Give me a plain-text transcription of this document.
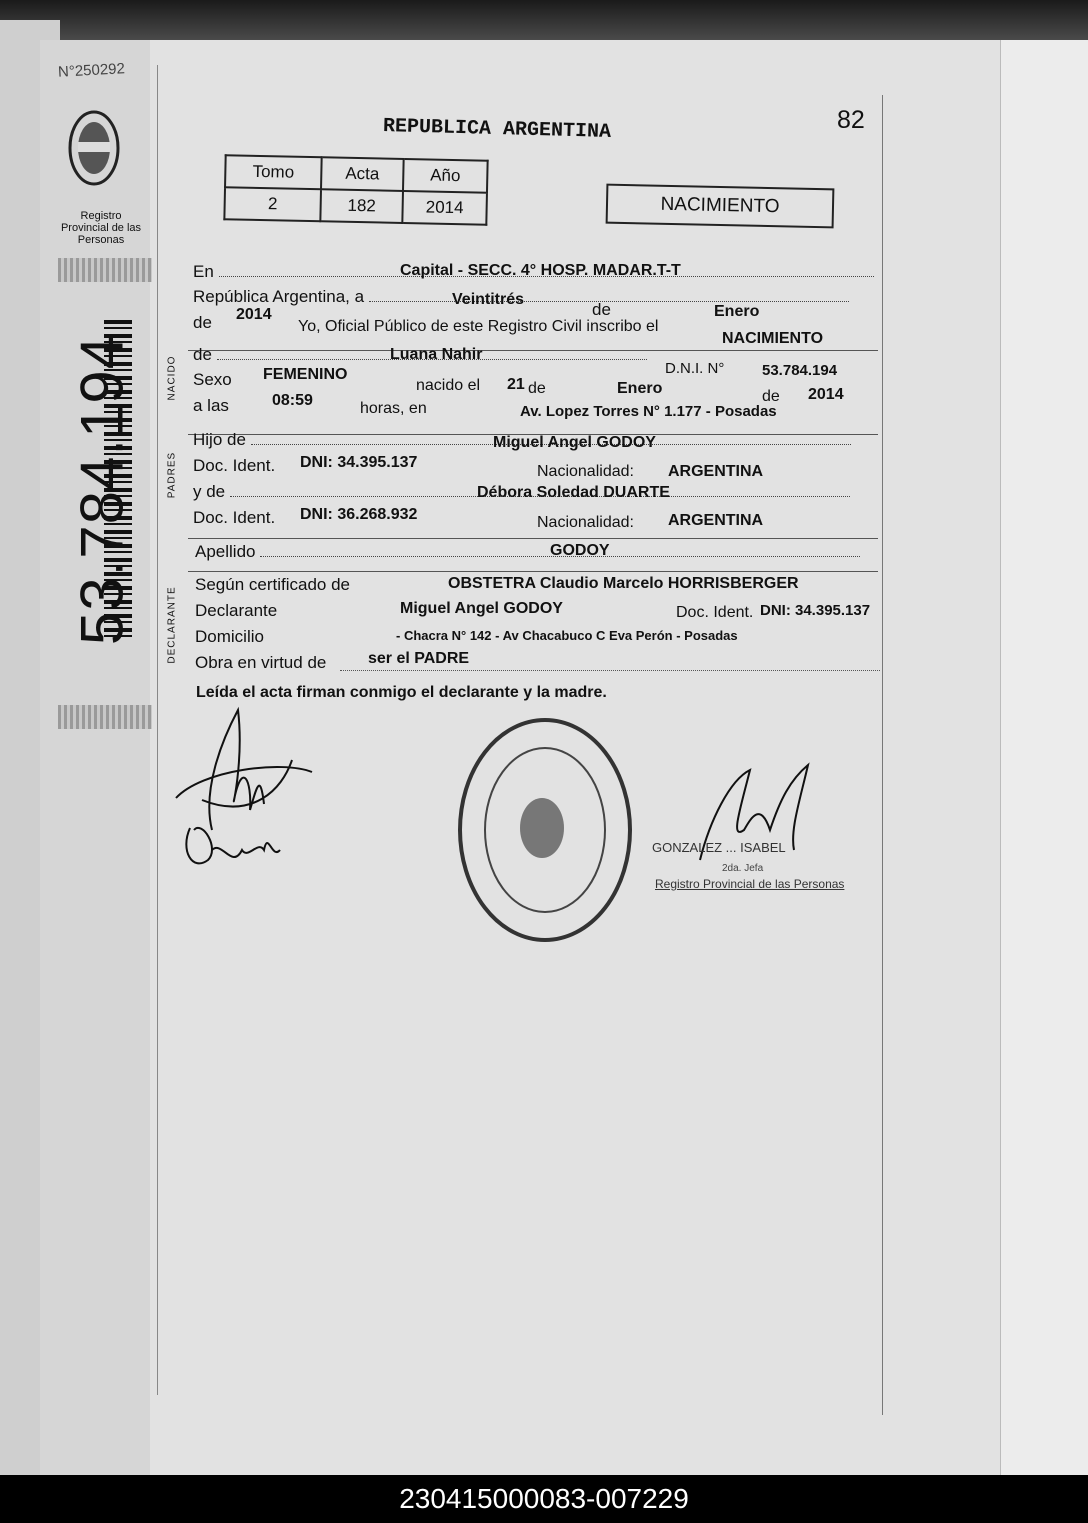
N°250292
Registro Provincial de las Personas
53.784.194
REPUBLICA ARGENTINA	82
Tomo	Acta	Año
2	182	2014	NACIMIENTO
NACIDO
PADRES
DECLARANTE
En	Capital - SECC. 4° HOSP. MADAR.T-T
República Argentina, a	Veintitrés
de	Enero
de 2014
Yo, Oficial Público de este Registro Civil inscribo el
NACIMIENTO
de	Luana Nahir
D.N.I. N°	53.784.194
Sexo FEMENINO
nacido el 21 de	Enero	de 2014
a las	08:59	horas, en	Av. Lopez Torres N° 1.177 - Posadas
Hijo de	Miguel Angel GODOY
Doc. Ident. DNI: 34.395.137
Nacionalidad: ARGENTINA
y de	Débora Soledad DUARTE
Doc. Ident. DNI: 36.268.932	Nacionalidad: ARGENTINA
Apellido	GODOY
Según certificado de	OBSTETRA Claudio Marcelo HORRISBERGER
Declarante	Miguel Angel GODOY	Doc. Ident. DNI: 34.395.137
Domicilio	- Chacra N° 142 - Av Chacabuco C Eva Perón - Posadas
Obra en virtud de	ser el PADRE
Leída el acta firman conmigo el declarante y la madre.
GONZALEZ ... ISABEL
2da. Jefa
Registro Provincial de las Personas
230415000083-007229
